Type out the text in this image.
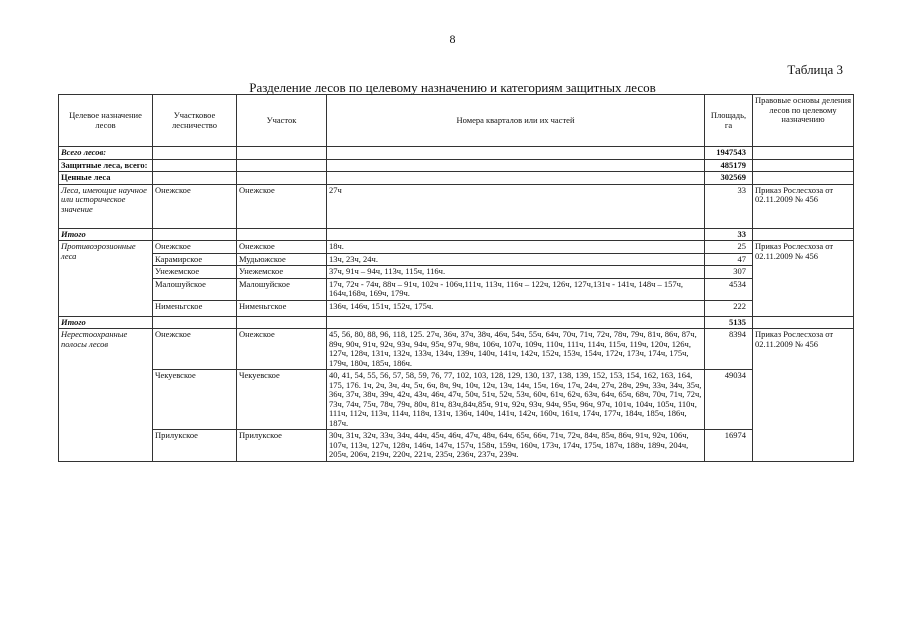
8
Таблица 3
Разделение лесов по целевому назначению и категориям защитных лесов
Целевое назначение лесов	Участковое лесничество	Участок	Номера кварталов или их частей	Площадь, га	Правовые основы деления лесов по целевому назначению
Всего лесов:				1947543	
Защитные леса, всего:				485179	
Ценные леса				302569	
Леса, имеющие научное или историческое значение	Онежское	Онежское	27ч	33	Приказ Рослесхоза от 02.11.2009 № 456
Итого				33	
Противоэрозионные леса	Онежское	Онежское	18ч.	25	Приказ Рослесхоза от 02.11.2009 № 456
	Карамирское	Мудьюжское	13ч, 23ч, 24ч.	47	
	Унежемское	Унежемское	37ч, 91ч – 94ч, 113ч, 115ч, 116ч.	307	
	Малошуйское	Малошуйское	17ч, 72ч - 74ч, 88ч – 91ч, 102ч - 106ч,111ч, 113ч, 116ч – 122ч, 126ч, 127ч,131ч - 141ч, 148ч – 157ч, 164ч,168ч, 169ч, 179ч.	4534	
	Нименьгское	Нименьгское	136ч, 146ч, 151ч, 152ч, 175ч.	222	
Итого				5135	
Нерестоохранные полосы лесов	Онежское	Онежское	45, 56, 80, 88, 96, 118, 125. 27ч, 36ч, 37ч, 38ч, 46ч, 54ч, 55ч, 64ч, 70ч, 71ч, 72ч, 78ч, 79ч, 81ч, 86ч, 87ч, 89ч, 90ч, 91ч, 92ч, 93ч, 94ч, 95ч, 97ч, 98ч, 106ч, 107ч, 109ч, 110ч, 111ч, 114ч, 115ч, 119ч, 120ч, 126ч, 127ч, 128ч, 131ч, 132ч, 133ч, 134ч, 139ч, 140ч, 141ч, 142ч, 152ч, 153ч, 154ч, 172ч, 173ч, 174ч, 175ч, 179ч, 180ч, 185ч, 186ч.	8394	Приказ Рослесхоза от 02.11.2009 № 456
	Чекуевское	Чекуевское	40, 41, 54, 55, 56, 57, 58, 59, 76, 77, 102, 103, 128, 129, 130, 137, 138, 139, 152, 153, 154, 162, 163, 164, 175, 176. 1ч, 2ч, 3ч, 4ч, 5ч, 6ч, 8ч, 9ч, 10ч, 12ч, 13ч, 14ч, 15ч, 16ч, 17ч, 24ч, 27ч, 28ч, 29ч, 33ч, 34ч, 35ч, 36ч, 37ч, 38ч, 39ч, 42ч, 43ч, 46ч, 47ч, 50ч, 51ч, 52ч, 53ч, 60ч, 61ч, 62ч, 63ч, 64ч, 65ч, 68ч, 70ч, 71ч, 72ч, 73ч, 74ч, 75ч, 78ч, 79ч, 80ч, 81ч, 83ч,84ч,85ч, 91ч, 92ч, 93ч, 94ч, 95ч, 96ч, 97ч, 101ч, 104ч, 105ч, 110ч, 111ч, 112ч, 113ч, 114ч, 118ч, 131ч, 136ч, 140ч, 141ч, 142ч, 160ч, 161ч, 174ч, 177ч, 184ч, 185ч, 186ч, 187ч.	49034	
	Прилукское	Прилукское	30ч, 31ч, 32ч, 33ч, 34ч, 44ч, 45ч, 46ч, 47ч, 48ч, 64ч, 65ч, 66ч, 71ч, 72ч, 84ч, 85ч, 86ч, 91ч, 92ч, 106ч, 107ч, 113ч, 127ч, 128ч, 146ч, 147ч, 157ч, 158ч, 159ч, 160ч, 173ч, 174ч, 175ч, 187ч, 188ч, 189ч, 204ч, 205ч, 206ч, 219ч, 220ч, 221ч, 235ч, 236ч, 237ч, 239ч.	16974	
